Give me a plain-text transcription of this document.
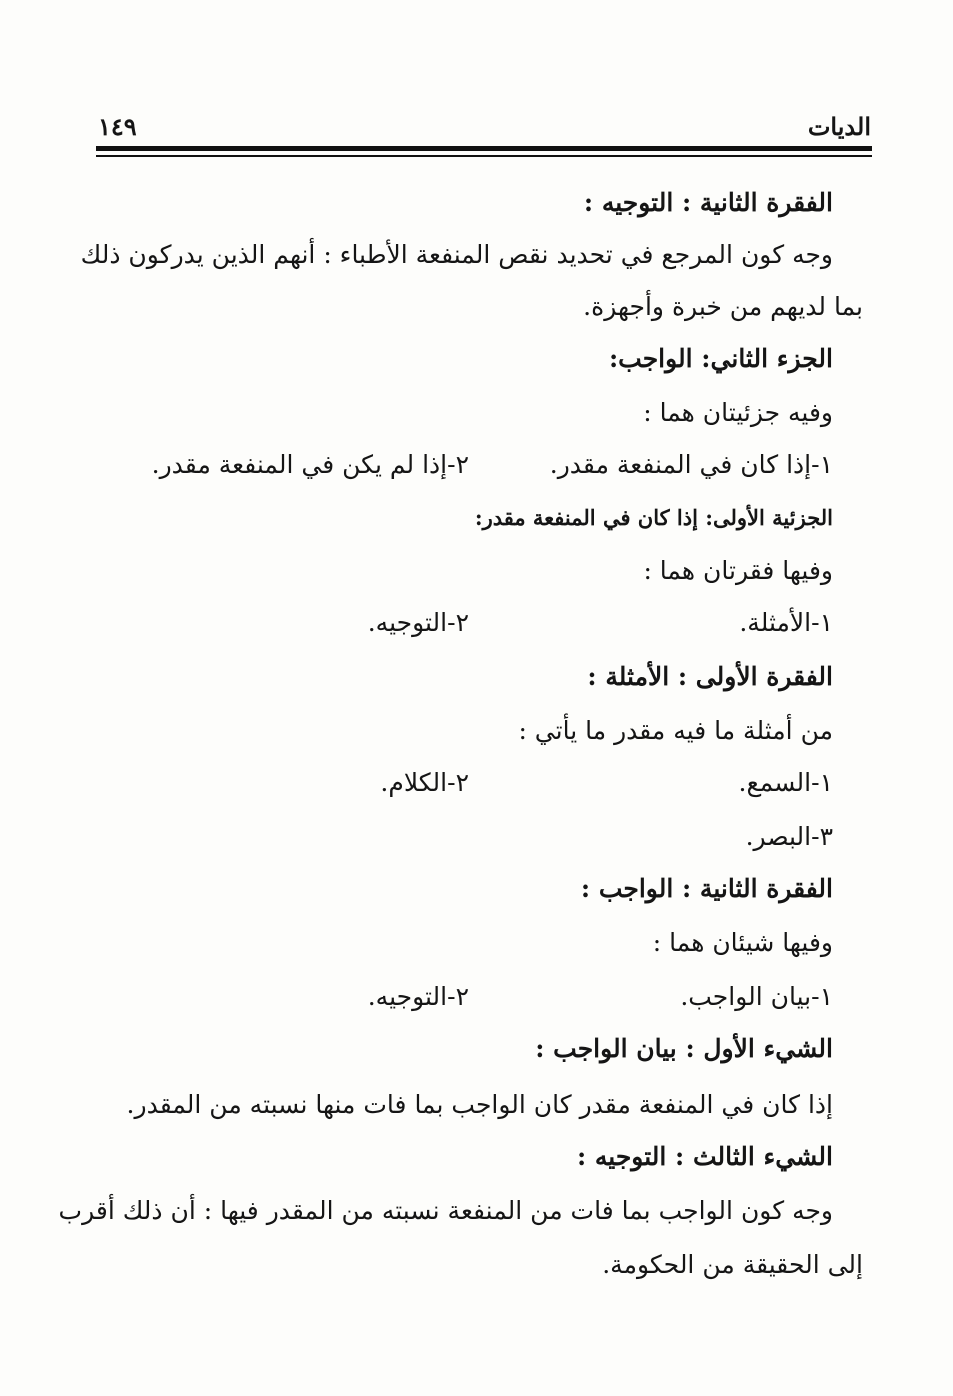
الديات
١٤٩
الفقرة الثانية : التوجيه :
وجه كون المرجع في تحديد نقص المنفعة الأطباء : أنهم الذين يدركون ذلك
بما لديهم من خبرة وأجهزة.
الجزء الثاني: الواجب:
وفيه جزئيتان هما :
١-إذا كان في المنفعة مقدر.
٢-إذا لم يكن في المنفعة مقدر.
الجزئية الأولى: إذا كان في المنفعة مقدر:
وفيها فقرتان هما :
١-الأمثلة.
٢-التوجيه.
الفقرة الأولى : الأمثلة :
من أمثلة ما فيه مقدر ما يأتي :
١-السمع.
٢-الكلام.
٣-البصر.
الفقرة الثانية : الواجب :
وفيها شيئان هما :
١-بيان الواجب.
٢-التوجيه.
الشيء الأول : بيان الواجب :
إذا كان في المنفعة مقدر كان الواجب بما فات منها نسبته من المقدر.
الشيء الثالث : التوجيه :
وجه كون الواجب بما فات من المنفعة نسبته من المقدر فيها : أن ذلك أقرب
إلى الحقيقة من الحكومة.
